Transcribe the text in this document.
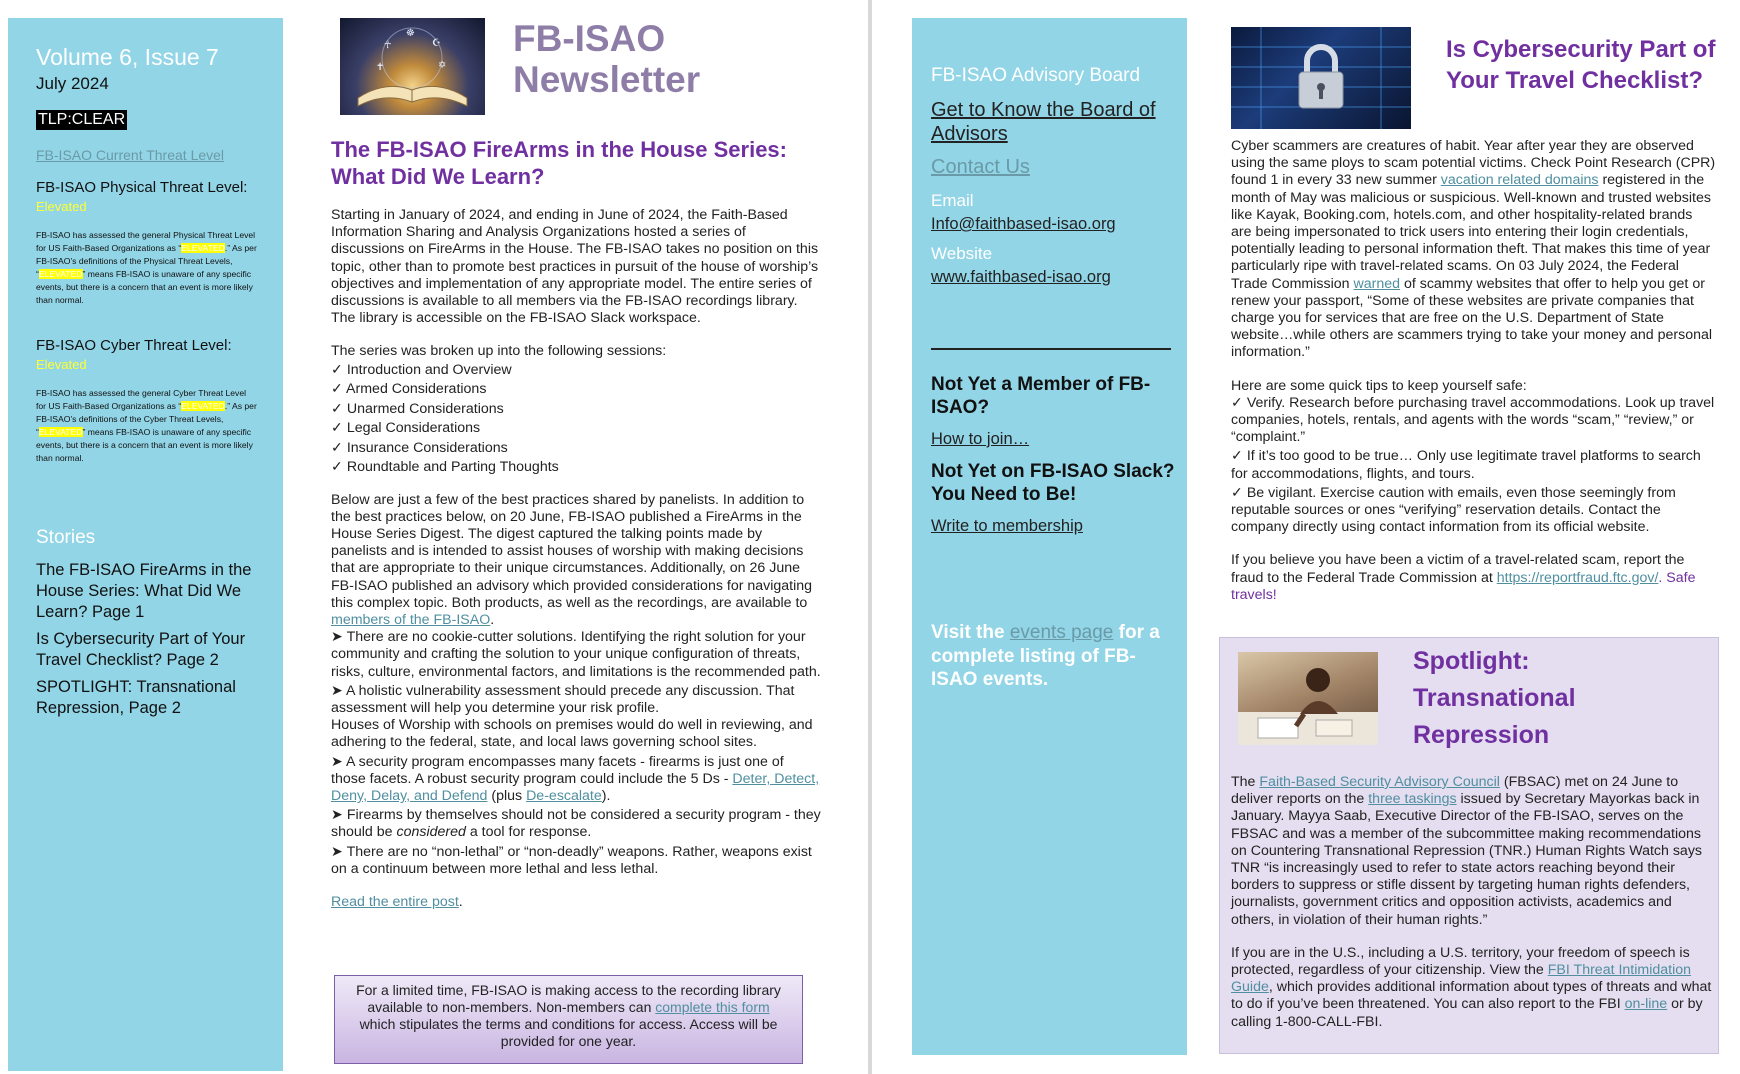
Volume 6, Issue 7
July 2024
TLP:CLEAR
FB-ISAO Current Threat Level
FB-ISAO Physical Threat Level:
Elevated
FB-ISAO has assessed the general Physical Threat Level for US Faith-Based Organizations as “ELEVATED.” As per FB-ISAO’s definitions of the Physical Threat Levels, “ELEVATED” means FB-ISAO is unaware of any specific events, but there is a concern that an event is more likely than normal.
FB-ISAO Cyber Threat Level:
Elevated
FB-ISAO has assessed the general Cyber Threat Level for US Faith-Based Organizations as “ELEVATED.” As per FB-ISAO’s definitions of the Cyber Threat Levels, “ELEVATED” means FB-ISAO is unaware of any specific events, but there is a concern that an event is more likely than normal.
Stories
The FB-ISAO FireArms in the House Series: What Did We Learn? Page 1
Is Cybersecurity Part of Your Travel Checklist? Page 2
SPOTLIGHT: Transnational Repression, Page 2
☥
☸
☪
✡
✝
FB-ISAO
Newsletter
The FB-ISAO FireArms in the House Series: What Did We Learn?

Starting in January of 2024, and ending in June of 2024, the Faith-Based Information Sharing and Analysis Organizations hosted a series of discussions on FireArms in the House. The FB-ISAO takes no position on this topic, other than to promote best practices in pursuit of the house of worship’s objectives and implementation of any appropriate model. The entire series of discussions is available to all members via the FB-ISAO recordings library. The library is accessible on the FB-ISAO Slack workspace.

The series was broken up into the following sessions:
✓ Introduction and Overview
✓ Armed Considerations
✓ Unarmed Considerations
✓ Legal Considerations
✓ Insurance Considerations
✓ Roundtable and Parting Thoughts
Below are just a few of the best practices shared by panelists. In addition to the best practices below, on 20 June, FB-ISAO published a FireArms in the House Series Digest. The digest captured the talking points made by panelists and is intended to assist houses of worship with making decisions that are appropriate to their unique circumstances. Additionally, on 26 June FB-ISAO published an advisory which provided considerations for navigating this complex topic. Both products, as well as the recordings, are available to members of the FB-ISAO.
➤ There are no cookie-cutter solutions. Identifying the right solution for your community and crafting the solution to your unique configuration of threats, risks, culture, environmental factors, and limitations is the recommended path.
➤ A holistic vulnerability assessment should precede any discussion. That assessment will help you determine your risk profile.
Houses of Worship with schools on premises would do well in reviewing, and adhering to the federal, state, and local laws governing school sites.
➤ A security program encompasses many facets - firearms is just one of those facets. A robust security program could include the 5 Ds - Deter, Detect, Deny, Delay, and Defend (plus De-escalate).
➤ Firearms by themselves should not be considered a security program - they should be considered a tool for response.
➤ There are no “non-lethal” or “non-deadly” weapons. Rather, weapons exist on a continuum between more lethal and less lethal.
Read the entire post.
For a limited time, FB-ISAO is making access to the recording library available to non-members. Non-members can complete this form which stipulates the terms and conditions for access. Access will be provided for one year.
FB-ISAO Advisory Board
Get to Know the Board of Advisors
Contact Us
Email
Info@faithbased-isao.org
Website
www.faithbased-isao.org
Not Yet a Member of FB-ISAO?
How to join…
Not Yet on FB-ISAO Slack? You Need to Be!
Write to membership
Visit the events page for a complete listing of FB-ISAO events.
Is Cybersecurity Part of Your Travel Checklist?

Cyber scammers are creatures of habit. Year after year they are observed using the same ploys to scam potential victims. Check Point Research (CPR) found 1 in every 33 new summer vacation related domains registered in the month of May was malicious or suspicious. Well-known and trusted websites like Kayak, Booking.com, hotels.com, and other hospitality-related brands are being impersonated to trick users into entering their login credentials, potentially leading to personal information theft. That makes this time of year particularly ripe with travel-related scams. On 03 July 2024, the Federal Trade Commission warned of scammy websites that offer to help you get or renew your passport, “Some of these websites are private companies that charge you for services that are free on the U.S. Department of State website…while others are scammers trying to take your money and personal information.”

Here are some quick tips to keep yourself safe:
✓ Verify. Research before purchasing travel accommodations. Look up travel companies, hotels, rentals, and agents with the words “scam,” “review,” or “complaint.”
✓ If it’s too good to be true… Only use legitimate travel platforms to search for accommodations, flights, and tours.
✓ Be vigilant. Exercise caution with emails, even those seemingly from reputable sources or ones “verifying” reservation details. Contact the company directly using contact information from its official website.
If you believe you have been a victim of a travel-related scam, report the fraud to the Federal Trade Commission at https://reportfraud.ftc.gov/. Safe travels!
Spotlight:
Transnational
Repression

The Faith-Based Security Advisory Council (FBSAC) met on 24 June to deliver reports on the three taskings issued by Secretary Mayorkas back in January. Mayya Saab, Executive Director of the FB-ISAO, serves on the FBSAC and was a member of the subcommittee making recommendations on Countering Transnational Repression (TNR.) Human Rights Watch says TNR “is increasingly used to refer to state actors reaching beyond their borders to suppress or stifle dissent by targeting human rights defenders, journalists, government critics and opposition activists, academics and others, in violation of their human rights.”

If you are in the U.S., including a U.S. territory, your freedom of speech is protected, regardless of your citizenship. View the FBI Threat Intimidation Guide, which provides additional information about types of threats and what to do if you’ve been threatened. You can also report to the FBI on-line or by calling 1-800-CALL-FBI.
